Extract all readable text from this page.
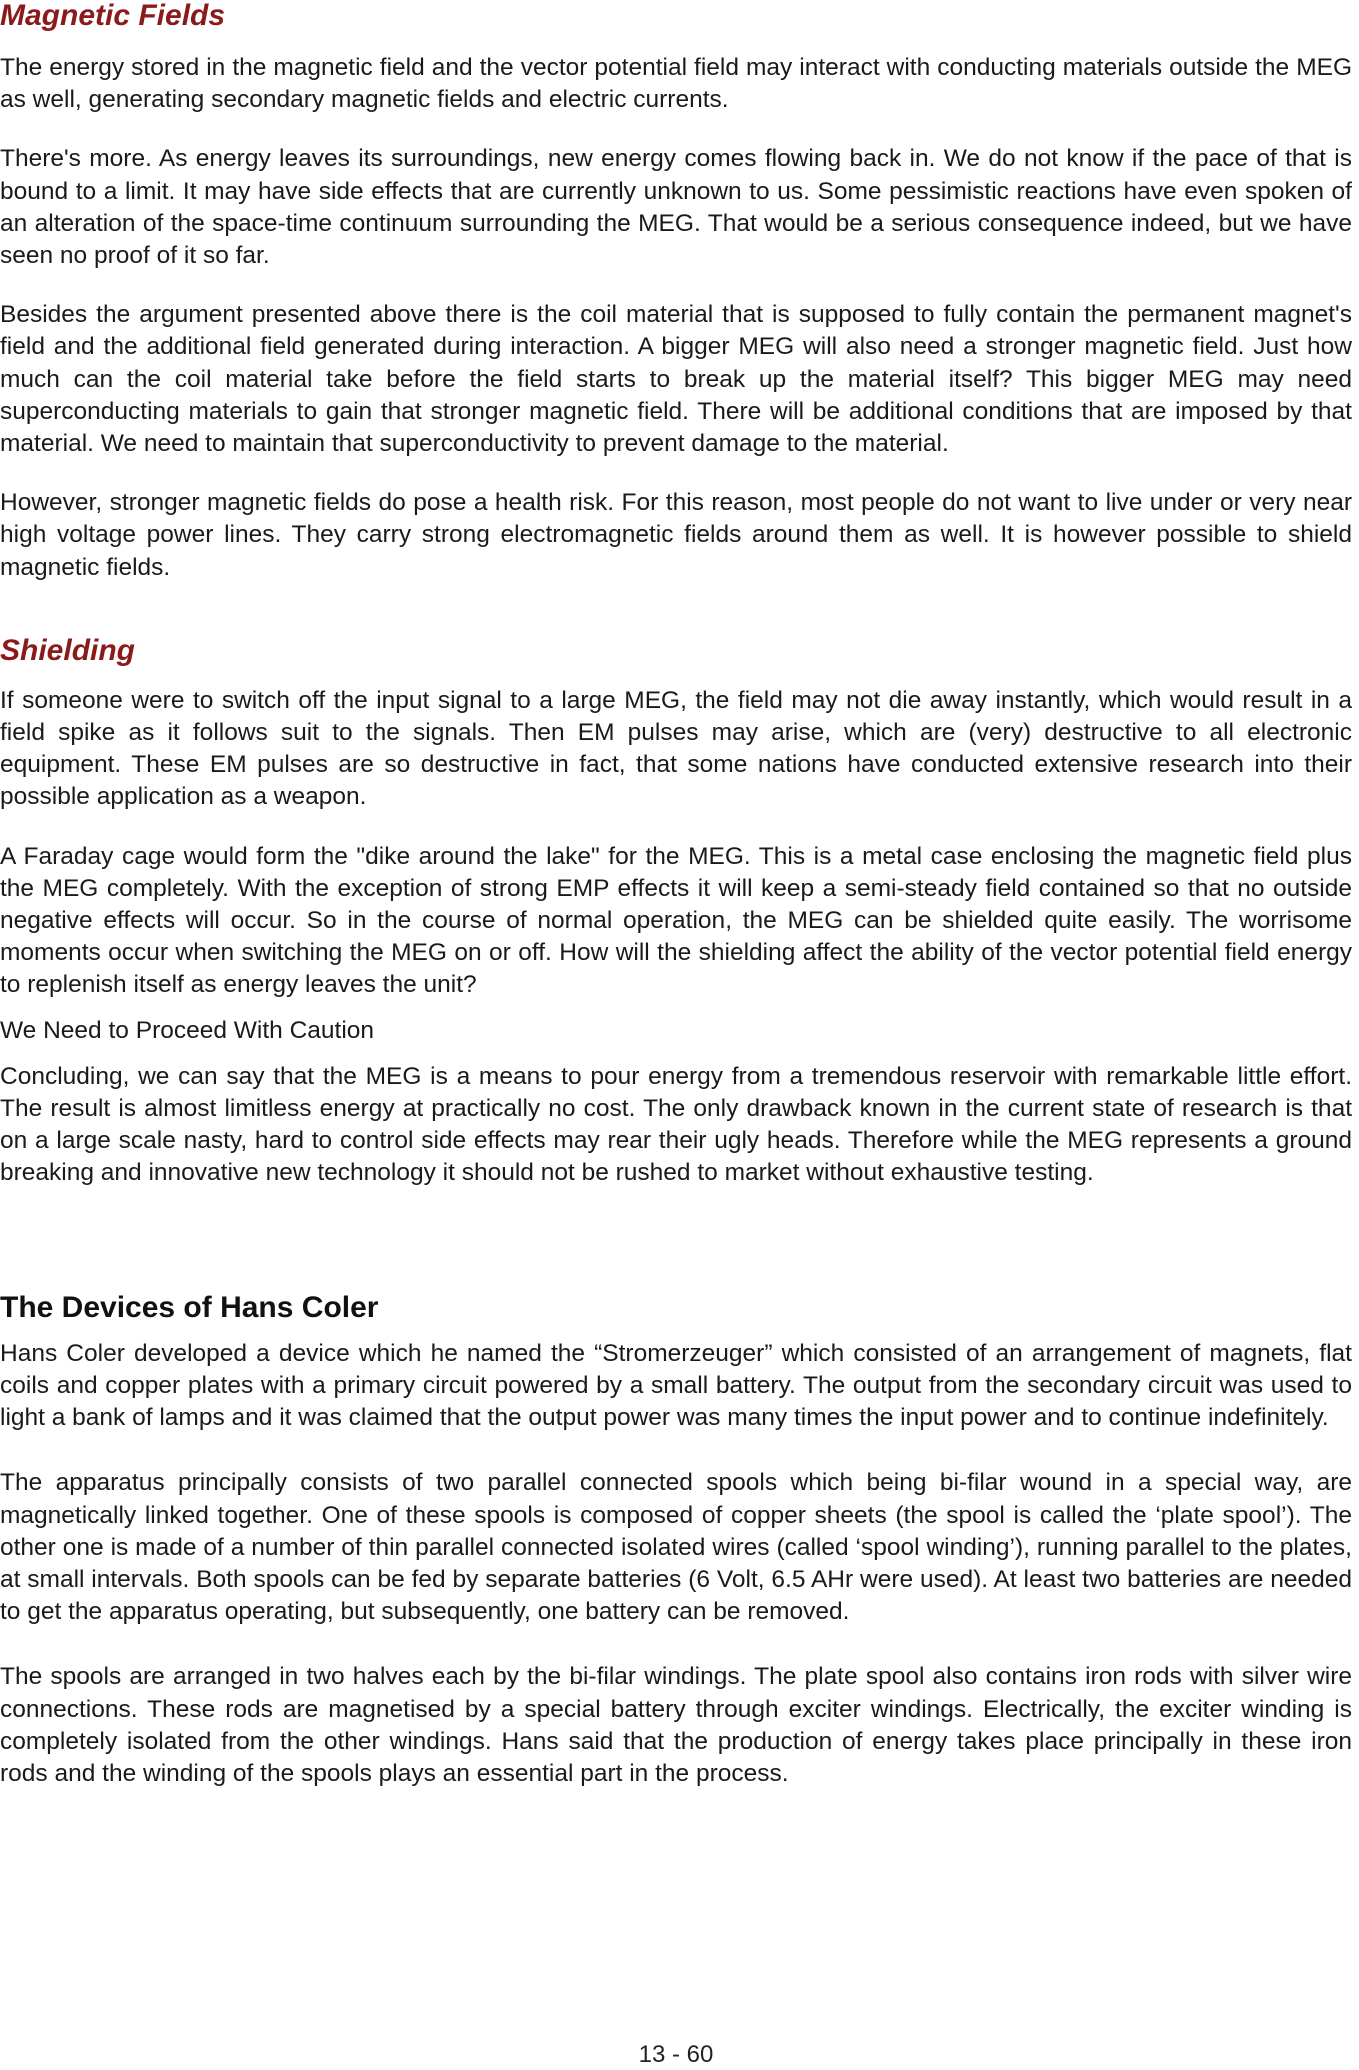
Magnetic Fields

The energy stored in the magnetic field and the vector potential field may interact with conducting materials outside the MEG as well, generating secondary magnetic fields and electric currents.

There's more. As energy leaves its surroundings, new energy comes flowing back in. We do not know if the pace of that is bound to a limit. It may have side effects that are currently unknown to us. Some pessimistic reactions have even spoken of an alteration of the space-time continuum surrounding the MEG. That would be a serious consequence indeed, but we have seen no proof of it so far.

Besides the argument presented above there is the coil material that is supposed to fully contain the permanent magnet's field and the additional field generated during interaction. A bigger MEG will also need a stronger magnetic field. Just how much can the coil material take before the field starts to break up the material itself? This bigger MEG may need superconducting materials to gain that stronger magnetic field. There will be additional conditions that are imposed by that material. We need to maintain that superconductivity to prevent damage to the material.

However, stronger magnetic fields do pose a health risk. For this reason, most people do not want to live under or very near high voltage power lines. They carry strong electromagnetic fields around them as well. It is however possible to shield magnetic fields.

Shielding

If someone were to switch off the input signal to a large MEG, the field may not die away instantly, which would result in a field spike as it follows suit to the signals. Then EM pulses may arise, which are (very) destructive to all electronic equipment. These EM pulses are so destructive in fact, that some nations have conducted extensive research into their possible application as a weapon.

A Faraday cage would form the "dike around the lake" for the MEG. This is a metal case enclosing the magnetic field plus the MEG completely. With the exception of strong EMP effects it will keep a semi-steady field contained so that no outside negative effects will occur. So in the course of normal operation, the MEG can be shielded quite easily. The worrisome moments occur when switching the MEG on or off. How will the shielding affect the ability of the vector potential field energy to replenish itself as energy leaves the unit?

We Need to Proceed With Caution

Concluding, we can say that the MEG is a means to pour energy from a tremendous reservoir with remarkable little effort. The result is almost limitless energy at practically no cost. The only drawback known in the current state of research is that on a large scale nasty, hard to control side effects may rear their ugly heads. Therefore while the MEG represents a ground breaking and innovative new technology it should not be rushed to market without exhaustive testing.

The Devices of Hans Coler

Hans Coler developed a device which he named the “Stromerzeuger” which consisted of an arrangement of magnets, flat coils and copper plates with a primary circuit powered by a small battery. The output from the secondary circuit was used to light a bank of lamps and it was claimed that the output power was many times the input power and to continue indefinitely.

The apparatus principally consists of two parallel connected spools which being bi-filar wound in a special way, are magnetically linked together. One of these spools is composed of copper sheets (the spool is called the ‘plate spool’). The other one is made of a number of thin parallel connected isolated wires (called ‘spool winding’), running parallel to the plates, at small intervals. Both spools can be fed by separate batteries (6 Volt, 6.5 AHr were used). At least two batteries are needed to get the apparatus operating, but subsequently, one battery can be removed.

The spools are arranged in two halves each by the bi-filar windings. The plate spool also contains iron rods with silver wire connections. These rods are magnetised by a special battery through exciter windings. Electrically, the exciter winding is completely isolated from the other windings. Hans said that the production of energy takes place principally in these iron rods and the winding of the spools plays an essential part in the process.

13 - 60
